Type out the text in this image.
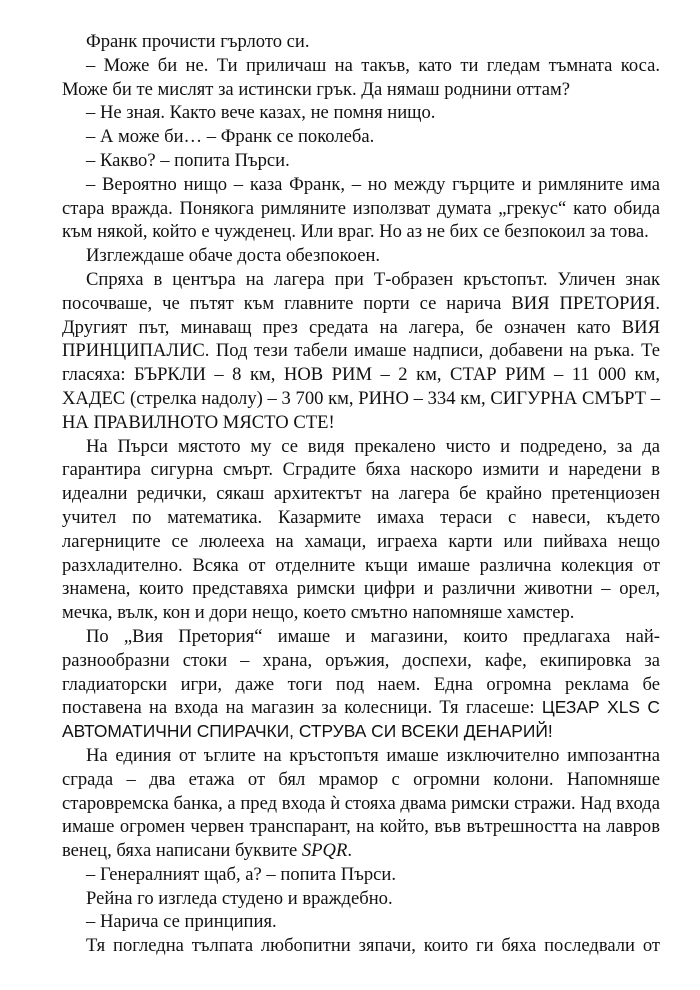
Франк прочисти гърлото си.

– Може би не. Ти приличаш на такъв, като ти гледам тъмната коса. Може би те мислят за истински грък. Да нямаш роднини оттам?

– Не зная. Както вече казах, не помня нищо.

– А може би… – Франк се поколеба.

– Какво? – попита Пърси.

– Вероятно нищо – каза Франк, – но между гърците и римляните има стара вражда. Понякога римляните използват думата „грекус“ като обида към някой, който е чужденец. Или враг. Но аз не бих се безпокоил за това.

Изглеждаше обаче доста обезпокоен.

Спряха в центъра на лагера при Т-образен кръстопът. Уличен знак посочваше, че пътят към главните порти се нарича ВИЯ ПРЕТОРИЯ. Другият път, минаващ през средата на лагера, бе означен като ВИЯ ПРИНЦИПАЛИС. Под тези табели имаше надписи, добавени на ръка. Те гласяха: БЪРКЛИ – 8 км, НОВ РИМ – 2 км, СТАР РИМ – 11 000 км, ХАДЕС (стрелка надолу) – 3 700 км, РИНО – 334 км, СИГУРНА СМЪРТ – НА ПРАВИЛНОТО МЯСТО СТЕ!

На Пърси мястото му се видя прекалено чисто и подредено, за да гарантира сигурна смърт. Сградите бяха наскоро измити и наредени в идеални редички, сякаш архитектът на лагера бе крайно претенциозен учител по математика. Казармите имаха тераси с навеси, където лагерниците се люлееха на хамаци, играеха карти или пийваха нещо разхладително. Всяка от отделните къщи имаше различна колекция от знамена, които представяха римски цифри и различни животни – орел, мечка, вълк, кон и дори нещо, което смътно напомняше хамстер.

По „Вия Претория“ имаше и магазини, които предлагаха най-разнообразни стоки – храна, оръжия, доспехи, кафе, екипировка за гладиаторски игри, даже тоги под наем. Една огромна реклама бе поставена на входа на магазин за колесници. Тя гласеше: ЦЕЗАР XLS С АВТОМАТИЧНИ СПИРАЧКИ, СТРУВА СИ ВСЕКИ ДЕНАРИЙ!

На единия от ъглите на кръстопътя имаше изключително импозантна сграда – два етажа от бял мрамор с огромни колони. Напомняше старовремска банка, а пред входа ѝ стояха двама римски стражи. Над входа имаше огромен червен транспарант, на който, във вътрешността на лавров венец, бяха написани буквите SPQR.

– Генералният щаб, а? – попита Пърси.

Рейна го изгледа студено и враждебно.

– Нарича се принципия.

Тя погледна тълпата любопитни зяпачи, които ги бяха последвали от
